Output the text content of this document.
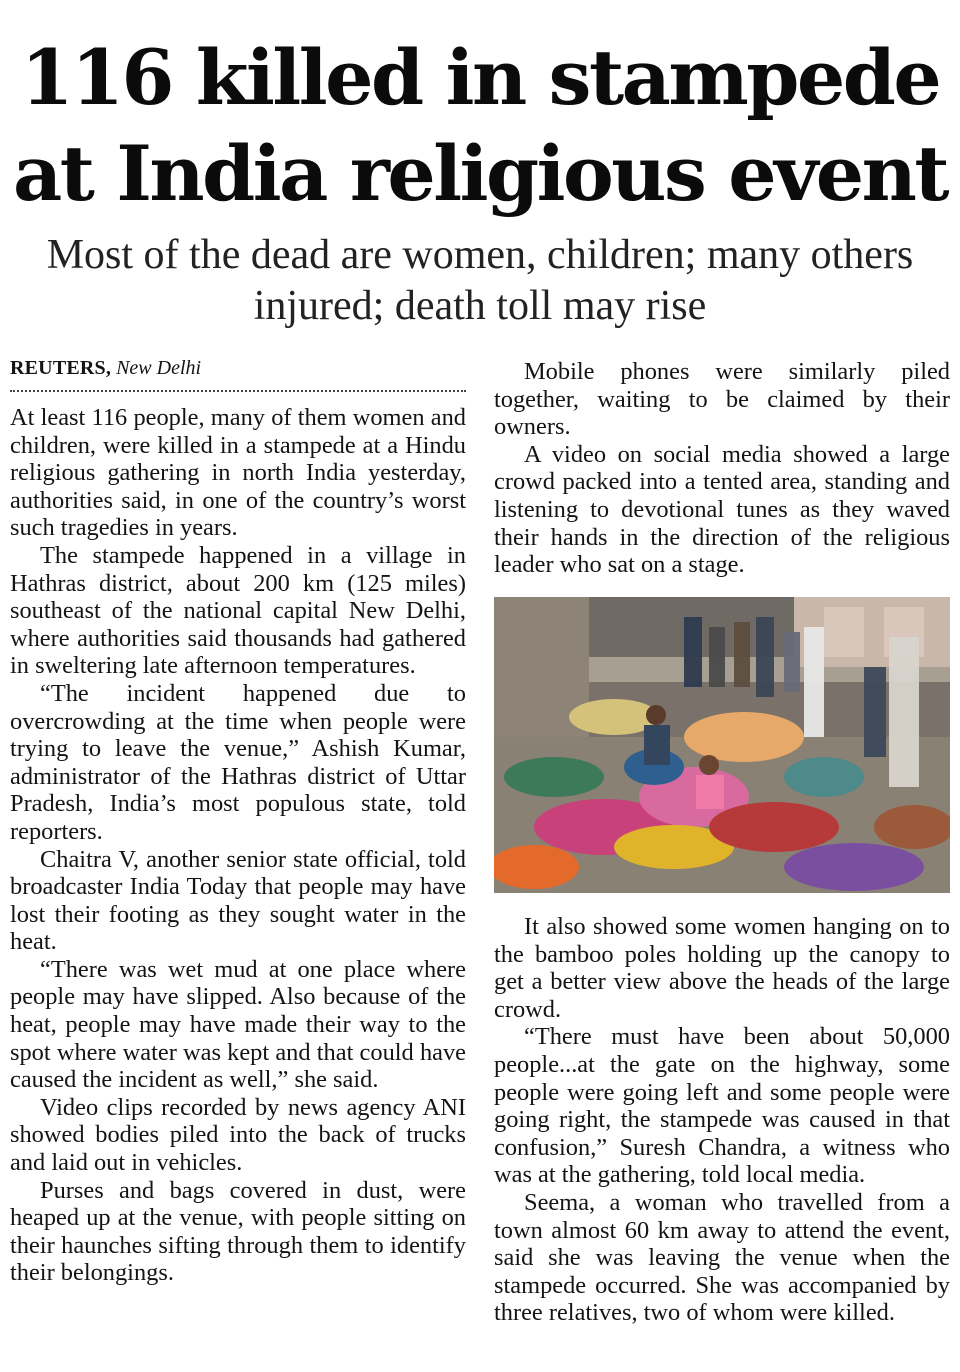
116 killed in stampede at India religious event
Most of the dead are women, children; many others injured; death toll may rise
REUTERS, New Delhi

At least 116 people, many of them women and children, were killed in a stampede at a Hindu religious gathering in north India yesterday, authorities said, in one of the country’s worst such tragedies in years.

The stampede happened in a village in Hathras district, about 200 km (125 miles) southeast of the national capital New Delhi, where authorities said thousands had gathered in sweltering late afternoon temperatures.

“The incident happened due to overcrowding at the time when people were trying to leave the venue,” Ashish Kumar, administrator of the Hathras district of Uttar Pradesh, India’s most populous state, told reporters.

Chaitra V, another senior state official, told broadcaster India Today that people may have lost their footing as they sought water in the heat.

“There was wet mud at one place where people may have slipped. Also because of the heat, people may have made their way to the spot where water was kept and that could have caused the incident as well,” she said.

Video clips recorded by news agency ANI showed bodies piled into the back of trucks and laid out in vehicles.

Purses and bags covered in dust, were heaped up at the venue, with people sitting on their haunches sifting through them to identify their belongings.

Mobile phones were similarly piled together, waiting to be claimed by their owners.

A video on social media showed a large crowd packed into a tented area, standing and listening to devotional tunes as they waved their hands in the direction of the religious leader who sat on a stage.

It also showed some women hanging on to the bamboo poles holding up the canopy to get a better view above the heads of the large crowd.

“There must have been about 50,000 people...at the gate on the highway, some people were going left and some people were going right, the stampede was caused in that confusion,” Suresh Chandra, a witness who was at the gathering, told local media.

Seema, a woman who travelled from a town almost 60 km away to attend the event, said she was leaving the venue when the stampede occurred. She was accompanied by three relatives, two of whom were killed.
